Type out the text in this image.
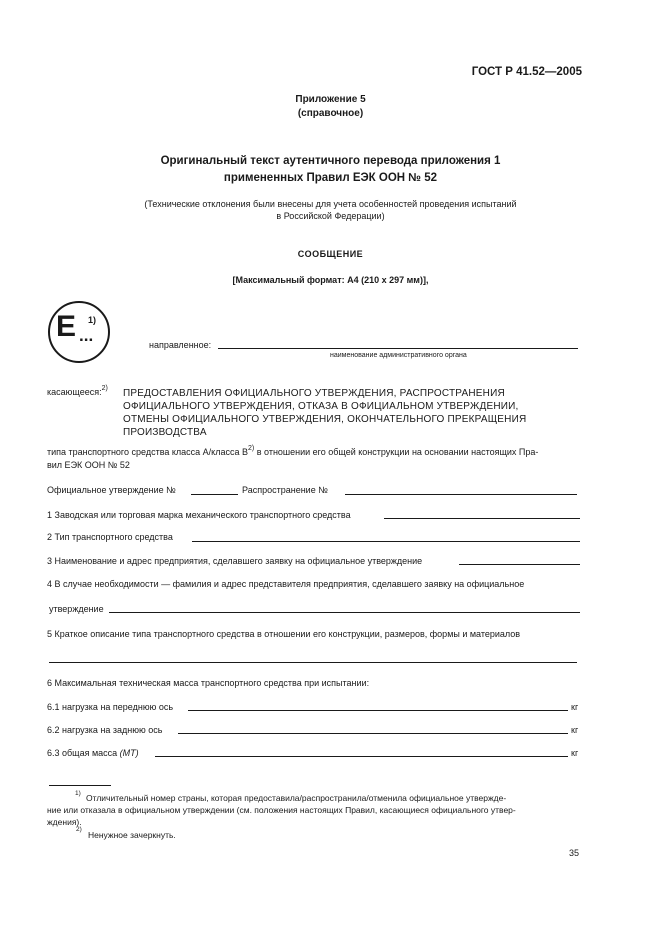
ГОСТ Р 41.52—2005
Приложение 5
(справочное)
Оригинальный текст аутентичного перевода приложения 1
примененных Правил ЕЭК ООН № 52
(Технические отклонения были внесены для учета особенностей проведения испытаний
в Российской Федерации)
СООБЩЕНИЕ
[Максимальный формат: А4 (210 х 297 мм)],
E 1)
...	направленное:
наименование административного органа
касающееся:$^{2)}$ ПРЕДОСТАВЛЕНИЯ ОФИЦИАЛЬНОГО УТВЕРЖДЕНИЯ, РАСПРОСТРАНЕНИЯ
ОФИЦИАЛЬНОГО УТВЕРЖДЕНИЯ, ОТКАЗА В ОФИЦИАЛЬНОМ УТВЕРЖДЕНИИ,
ОТМЕНЫ ОФИЦИАЛЬНОГО УТВЕРЖДЕНИЯ, ОКОНЧАТЕЛЬНОГО ПРЕКРАЩЕНИЯ
ПРОИЗВОДСТВА
типа транспортного средства класса А/класса $В^{2)}$ в отношении его общей конструкции на основании настоящих Пра-
вил ЕЭК ООН № 52
Официальное утверждение №	Распространение №
1 Заводская или торговая марка механического транспортного средства
2 Тип транспортного средства
3 Наименование и адрес предприятия, сделавшего заявку на официальное утверждение
4 В случае необходимости — фамилия и адрес представителя предприятия, сделавшего заявку на официальное
утверждение
5 Краткое описание типа транспортного средства в отношении его конструкции, размеров, формы и материалов
6 Максимальная техническая масса транспортного средства при испытании:
6.1 нагрузка на переднюю ось	кг
6.2 нагрузка на заднюю ось	кг
6.3 общая масса (МТ)	кг
1) Отличительный номер страны, которая предоставила/распространила/отменила официальное утвержде-
ние или отказала в официальном утверждении (см. положения настоящих Правил, касающиеся официального утвер-
ждения).
2)
Ненужное зачеркнуть.
35
